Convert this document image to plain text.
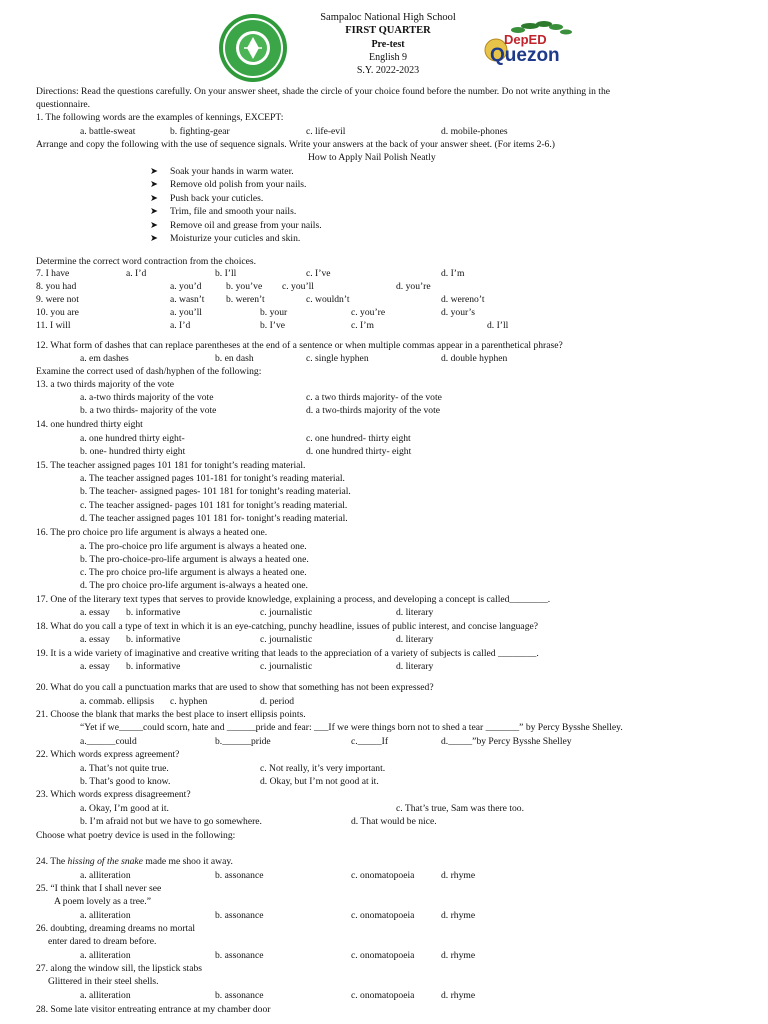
Sampaloc National High School
FIRST QUARTER
Pre-test
English 9
S.Y. 2022-2023
DepED
Quezon
Directions: Read the questions carefully. On your answer sheet, shade the circle of your choice found before the number. Do not write anything in the
questionnaire.
1. The following words are the examples of kennings, EXCEPT:
a. battle-sweat	b. fighting-gear	c. life-evil	d. mobile-phones
Arrange and copy the following with the use of sequence signals. Write your answers at the back of your answer sheet. (For items 2-6.)
How to Apply Nail Polish Neatly
➤ Soak your hands in warm water.
➤ Remove old polish from your nails.
➤ Push back your cuticles.
➤ Trim, file and smooth your nails.
➤ Remove oil and grease from your nails.
➤ Moisturize your cuticles and skin.
Determine the correct word contraction from the choices.
7. I have	a. I’d	b. I’ll	c. I’ve	d. I’m
8. you had	a. you’d	b. you’ve c. you’ll	d. you’re
9. were not	a. wasn’t b. weren’t	c. wouldn’t	d. wereno’t
10. you are	a. you’ll	b. your	c. you’re	d. your’s
11. I will	a. I’d	b. I’ve	c. I’m	d. I’ll
12. What form of dashes that can replace parentheses at the end of a sentence or when multiple commas appear in a parenthetical phrase?
a. em dashes	b. en dash	c. single hyphen	d. double hyphen
Examine the correct used of dash/hyphen of the following:
13. a two thirds majority of the vote
a. a-two thirds majority of the vote	c. a two thirds majority- of the vote
b. a two thirds- majority of the vote	d. a two-thirds majority of the vote
14. one hundred thirty eight
a. one hundred thirty eight-	c. one hundred- thirty eight
b. one- hundred thirty eight	d. one hundred thirty- eight
15. The teacher assigned pages 101 181 for tonight’s reading material.
a. The teacher assigned pages 101-181 for tonight’s reading material.
b. The teacher- assigned pages- 101 181 for tonight’s reading material.
c. The teacher assigned- pages 101 181 for tonight’s reading material.
d. The teacher assigned pages 101 181 for- tonight’s reading material.
16. The pro choice pro life argument is always a heated one.
a. The pro-choice pro life argument is always a heated one.
b. The pro-choice-pro-life argument is always a heated one.
c. The pro choice pro-life argument is always a heated one.
d. The pro choice pro-life argument is-always a heated one.
17. One of the literary text types that serves to provide knowledge, explaining a process, and developing a concept is called________.
a. essay b. informative	c. journalistic	d. literary
18. What do you call a type of text in which it is an eye-catching, punchy headline, issues of public interest, and concise language?
a. essay b. informative	c. journalistic	d. literary
19. It is a wide variety of imaginative and creative writing that leads to the appreciation of a variety of subjects is called ________.
a. essay b. informative	c. journalistic	d. literary
20. What do you call a punctuation marks that are used to show that something has not been expressed?
a. commab. ellipsis c. hyphen	d. period
21. Choose the blank that marks the best place to insert ellipsis points.
“Yet if we_____could scorn, hate and ______pride and fear: ___If we were things born not to shed a tear _______” by Percy Bysshe Shelley.
a.______could	b.______pride	c._____If	d._____”by Percy Bysshe Shelley
22. Which words express agreement?
a. That’s not quite true.	c. Not really, it’s very important.
b. That’s good to know.	d. Okay, but I’m not good at it.
23. Which words express disagreement?
a. Okay, I’m good at it.	c. That’s true, Sam was there too.
b. I’m afraid not but we have to go somewhere.	d. That would be nice.
Choose what poetry device is used in the following:
24. The hissing of the snake made me shoo it away.
a. alliteration	b. assonance	c. onomatopoeia	d. rhyme
25. “I think that I shall never see
A poem lovely as a tree.”
a. alliteration	b. assonance	c. onomatopoeia	d. rhyme
26. doubting, dreaming dreams no mortal
enter dared to dream before.
a. alliteration	b. assonance	c. onomatopoeia	d. rhyme
27. along the window sill, the lipstick stabs
Glittered in their steel shells.
a. alliteration	b. assonance	c. onomatopoeia	d. rhyme
28. Some late visitor entreating entrance at my chamber door
